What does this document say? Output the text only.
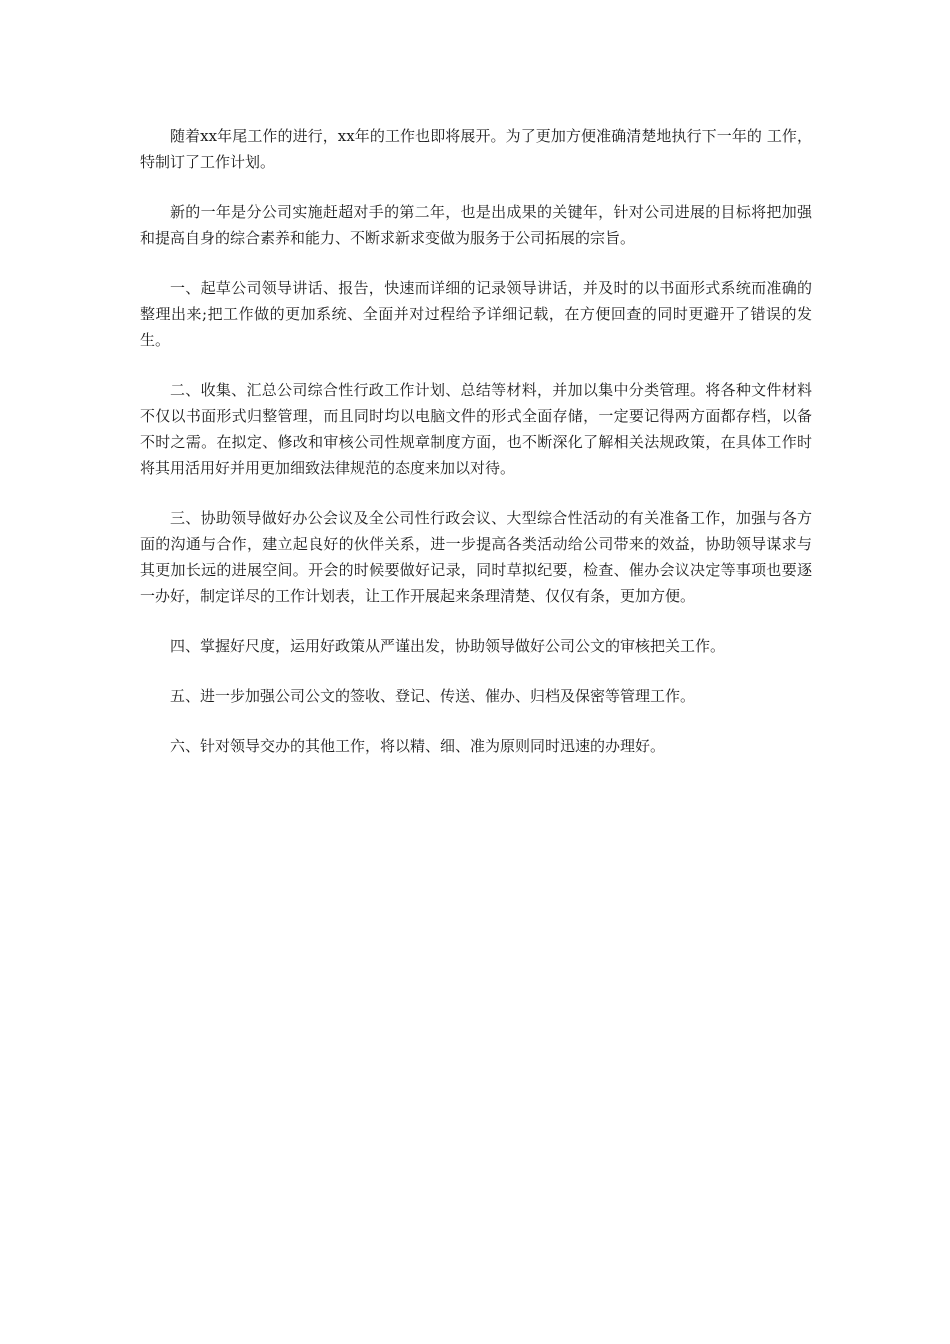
随着xx年尾工作的进行，xx年的工作也即将展开。为了更加方便准确清楚地执行下一年的 工作，特制订了工作计划。

新的一年是分公司实施赶超对手的第二年，也是出成果的关键年，针对公司进展的目标将把加强和提高自身的综合素养和能力、不断求新求变做为服务于公司拓展的宗旨。

一、起草公司领导讲话、报告，快速而详细的记录领导讲话，并及时的以书面形式系统而准确的整理出来;把工作做的更加系统、全面并对过程给予详细记载，在方便回查的同时更避开了错误的发生。

二、收集、汇总公司综合性行政工作计划、总结等材料，并加以集中分类管理。将各种文件材料不仅以书面形式归整管理，而且同时均以电脑文件的形式全面存储，一定要记得两方面都存档，以备不时之需。在拟定、修改和审核公司性规章制度方面，也不断深化了解相关法规政策，在具体工作时将其用活用好并用更加细致法律规范的态度来加以对待。

三、协助领导做好办公会议及全公司性行政会议、大型综合性活动的有关准备工作，加强与各方面的沟通与合作，建立起良好的伙伴关系，进一步提高各类活动给公司带来的效益，协助领导谋求与其更加长远的进展空间。开会的时候要做好记录，同时草拟纪要，检查、催办会议决定等事项也要逐一办好，制定详尽的工作计划表，让工作开展起来条理清楚、仅仅有条，更加方便。

四、掌握好尺度，运用好政策从严谨出发，协助领导做好公司公文的审核把关工作。

五、进一步加强公司公文的签收、登记、传送、催办、归档及保密等管理工作。

六、针对领导交办的其他工作，将以精、细、准为原则同时迅速的办理好。
